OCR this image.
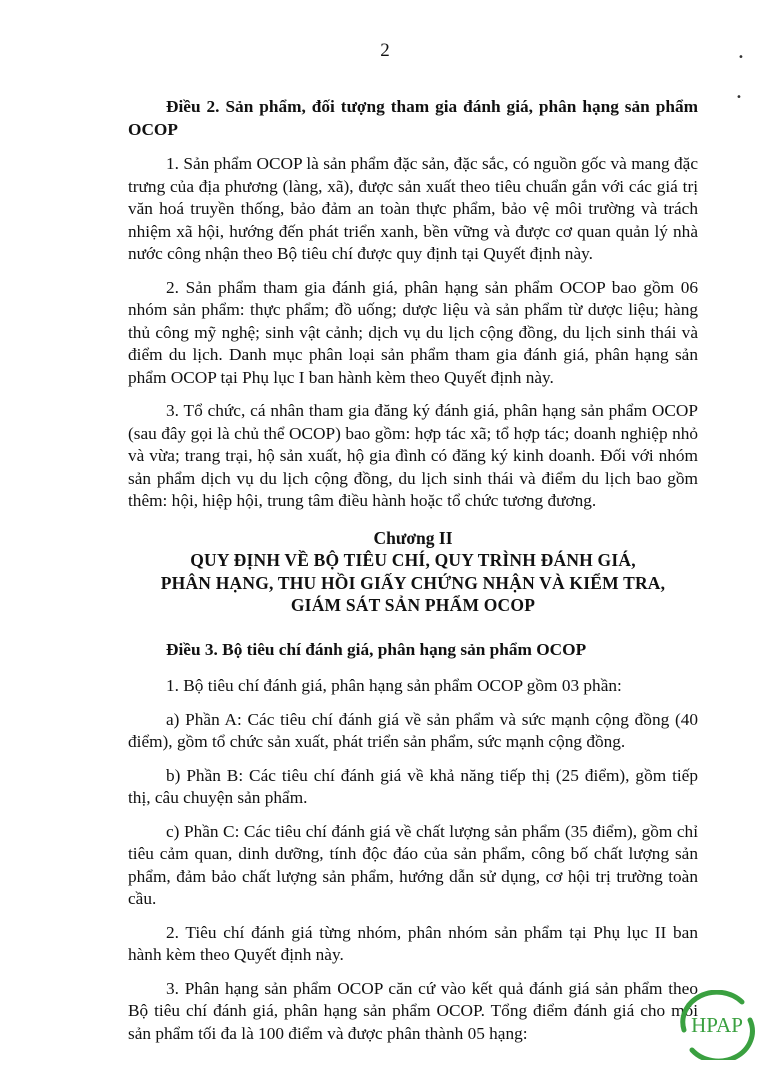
2
Điều 2. Sản phẩm, đối tượng tham gia đánh giá, phân hạng sản phẩm OCOP

1. Sản phẩm OCOP là sản phẩm đặc sản, đặc sắc, có nguồn gốc và mang đặc trưng của địa phương (làng, xã), được sản xuất theo tiêu chuẩn gắn với các giá trị văn hoá truyền thống, bảo đảm an toàn thực phẩm, bảo vệ môi trường và trách nhiệm xã hội, hướng đến phát triển xanh, bền vững và được cơ quan quản lý nhà nước công nhận theo Bộ tiêu chí được quy định tại Quyết định này.

2. Sản phẩm tham gia đánh giá, phân hạng sản phẩm OCOP bao gồm 06 nhóm sản phẩm: thực phẩm; đồ uống; dược liệu và sản phẩm từ dược liệu; hàng thủ công mỹ nghệ; sinh vật cảnh; dịch vụ du lịch cộng đồng, du lịch sinh thái và điểm du lịch. Danh mục phân loại sản phẩm tham gia đánh giá, phân hạng sản phẩm OCOP tại Phụ lục I ban hành kèm theo Quyết định này.

3. Tổ chức, cá nhân tham gia đăng ký đánh giá, phân hạng sản phẩm OCOP (sau đây gọi là chủ thể OCOP) bao gồm: hợp tác xã; tổ hợp tác; doanh nghiệp nhỏ và vừa; trang trại, hộ sản xuất, hộ gia đình có đăng ký kinh doanh. Đối với nhóm sản phẩm dịch vụ du lịch cộng đồng, du lịch sinh thái và điểm du lịch bao gồm thêm: hội, hiệp hội, trung tâm điều hành hoặc tổ chức tương đương.

Chương II
QUY ĐỊNH VỀ BỘ TIÊU CHÍ, QUY TRÌNH ĐÁNH GIÁ,
PHÂN HẠNG, THU HỒI GIẤY CHỨNG NHẬN VÀ KIỂM TRA,
GIÁM SÁT SẢN PHẨM OCOP
Điều 3. Bộ tiêu chí đánh giá, phân hạng sản phẩm OCOP

1. Bộ tiêu chí đánh giá, phân hạng sản phẩm OCOP gồm 03 phần:

a) Phần A: Các tiêu chí đánh giá về sản phẩm và sức mạnh cộng đồng (40 điểm), gồm tổ chức sản xuất, phát triển sản phẩm, sức mạnh cộng đồng.

b) Phần B: Các tiêu chí đánh giá về khả năng tiếp thị (25 điểm), gồm tiếp thị, câu chuyện sản phẩm.

c) Phần C: Các tiêu chí đánh giá về chất lượng sản phẩm (35 điểm), gồm chỉ tiêu cảm quan, dinh dưỡng, tính độc đáo của sản phẩm, công bố chất lượng sản phẩm, đảm bảo chất lượng sản phẩm, hướng dẫn sử dụng, cơ hội trị trường toàn cầu.

2. Tiêu chí đánh giá từng nhóm, phân nhóm sản phẩm tại Phụ lục II ban hành kèm theo Quyết định này.

3. Phân hạng sản phẩm OCOP căn cứ vào kết quả đánh giá sản phẩm theo Bộ tiêu chí đánh giá, phân hạng sản phẩm OCOP. Tổng điểm đánh giá cho mỗi sản phẩm tối đa là 100 điểm và được phân thành 05 hạng:

•
•
HPAP
